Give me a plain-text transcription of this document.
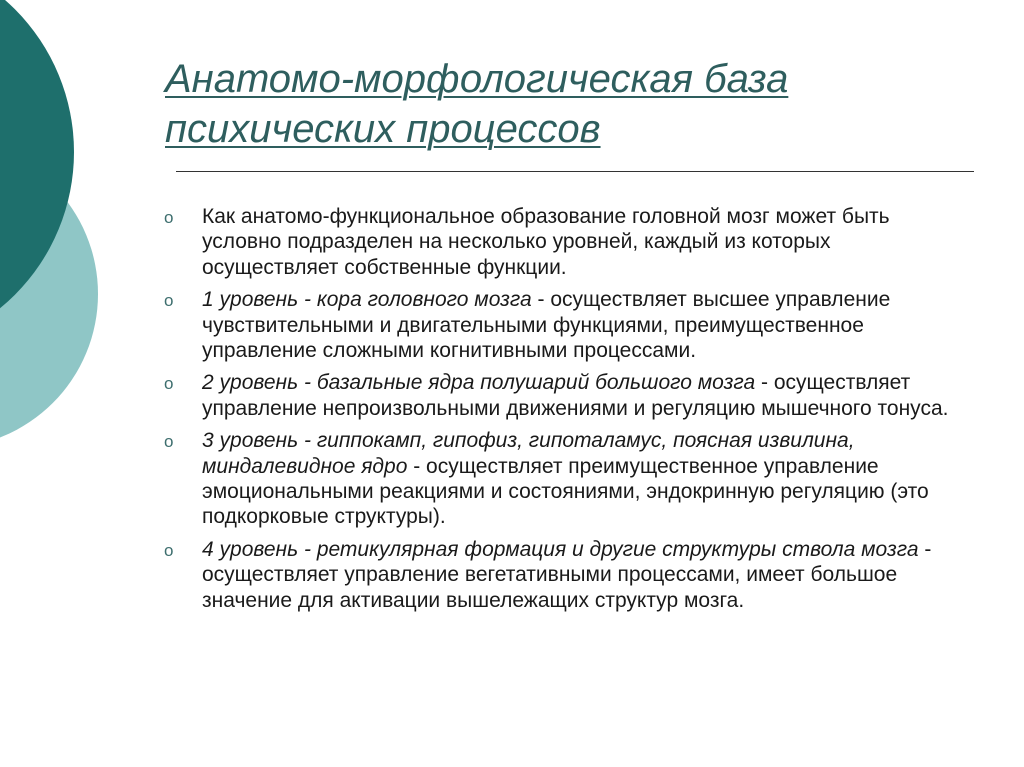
Анатомо-морфологическая база
психических процессов
o Как анатомо-функциональное образование головной мозг может быть условно подразделен на несколько уровней, каждый из которых осуществляет собственные функции.
o 1 уровень - кора головного мозга - осуществляет высшее управление чувствительными и двигательными функциями, преимущественное управление сложными когнитивными процессами.
o 2 уровень - базальные ядра полушарий большого мозга - осуществляет управление непроизвольными движениями и регуляцию мышечного тонуса.
o 3 уровень - гиппокамп, гипофиз, гипоталамус, поясная извилина, миндалевидное ядро - осуществляет преимущественное управление эмоциональными реакциями и состояниями, эндокринную регуляцию (это подкорковые структуры).
o 4 уровень - ретикулярная формация и другие структуры ствола мозга - осуществляет управление вегетативными процессами, имеет большое значение для активации вышележащих структур мозга.
